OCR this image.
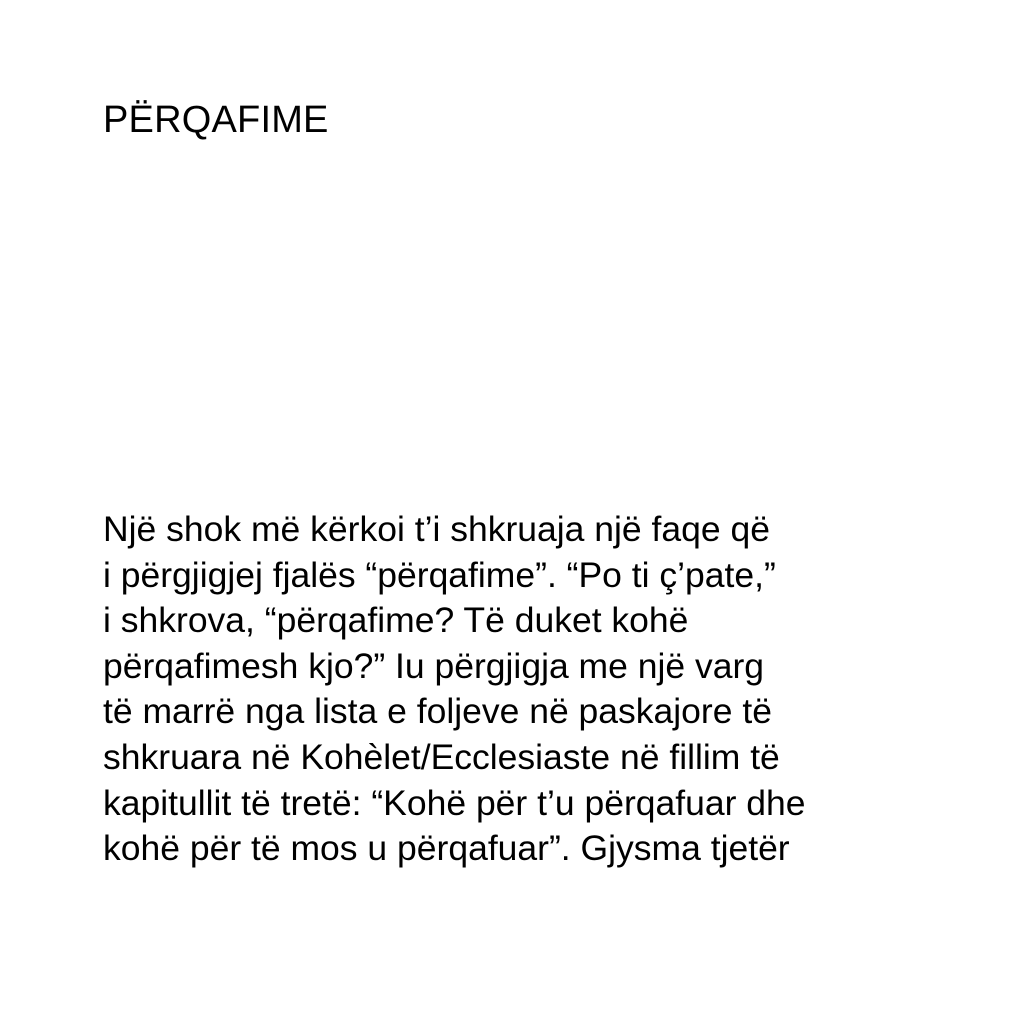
PËRQAFIME
Një shok më kërkoi t’i shkruaja një faqe që
i përgjigjej fjalës “përqafime”. “Po ti ç’pate,”
i shkrova, “përqafime? Të duket kohë
përqafimesh kjo?” Iu përgjigja me një varg
të marrë nga lista e foljeve në paskajore të
shkruara në Kohèlet/Ecclesiaste në fillim të
kapitullit të tretë: “Kohë për t’u përqafuar dhe
kohë për të mos u përqafuar”. Gjysma tjetër
